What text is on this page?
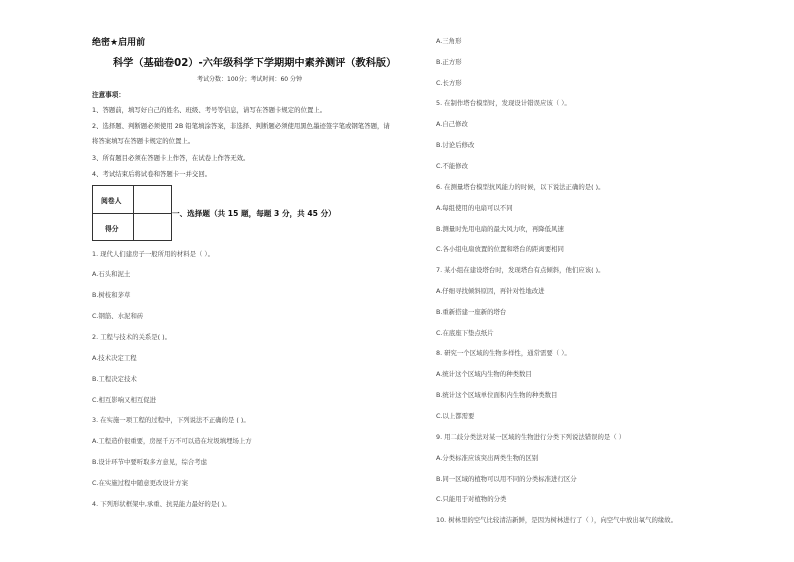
绝密★启用前
科学（基础卷02）-六年级科学下学期期中素养测评（教科版）
考试分数：100分；考试时间：60 分钟
注意事项：
1、答题前，填写好自己的姓名、班级、考号等信息，请写在答题卡规定的位置上。
2、选择题、判断题必须使用 2B 铅笔填涂答案，非选择、判断题必须使用黑色墨迹签字笔或钢笔答题，请
将答案填写在答题卡规定的位置上。
3、所有题目必须在答题卡上作答，在试卷上作答无效。
4、考试结束后将试卷和答题卡一并交回。
阅卷人
得分
一、选择题（共 15 题，每题 3 分，共 45 分）
1. 现代人们建房子一般所用的材料是（ ）。
A.石头和泥土
B.树枝和茅草
C.钢筋、水泥和砖
2. 工程与技术的关系是( )。
A.技术决定工程
B.工程决定技术
C.相互影响又相互促进
3. 在实施一项工程的过程中，下列说法不正确的是 ( )。
A.工程造价很重要，房屋千万不可以造在垃圾填埋场上方
B.设计环节中要听取多方意见，综合考虑
C.在实施过程中随意更改设计方案
4. 下列形状框架中,承重、抗晃能力最好的是( )。
A.三角形
B.正方形
C.长方形
5. 在制作塔台模型时，发现设计错误应该（ ）。
A.自己修改
B.讨论后修改
C.不能修改
6. 在测量塔台模型抗风能力的时候，以下说法正确的是( )。
A.每组使用的电扇可以不同
B.测量时先用电扇的最大风力吹，再降低风速
C.各小组电扇放置的位置和塔台的距离要相同
7. 某小组在建设塔台时，发现塔台有点倾斜，他们应该( )。
A.仔细寻找倾斜原因，再针对性地改进
B.重新搭建一座新的塔台
C.在底座下垫点纸片
8. 研究一个区域的生物多样性，通常需要（ ）。
A.统计这个区域内生物的种类数目
B.统计这个区域单位面积内生物的种类数目
C.以上都需要
9. 用二歧分类法对某一区域的生物进行分类下列说法错误的是（ ）
A.分类标准应该突出两类生物的区别
B.同一区域的植物可以用不同的分类标准进行区分
C.只能用于对植物的分类
10. 树林里的空气比较清洁新鲜，是因为树林进行了（ ），向空气中放出氧气的缘故。
